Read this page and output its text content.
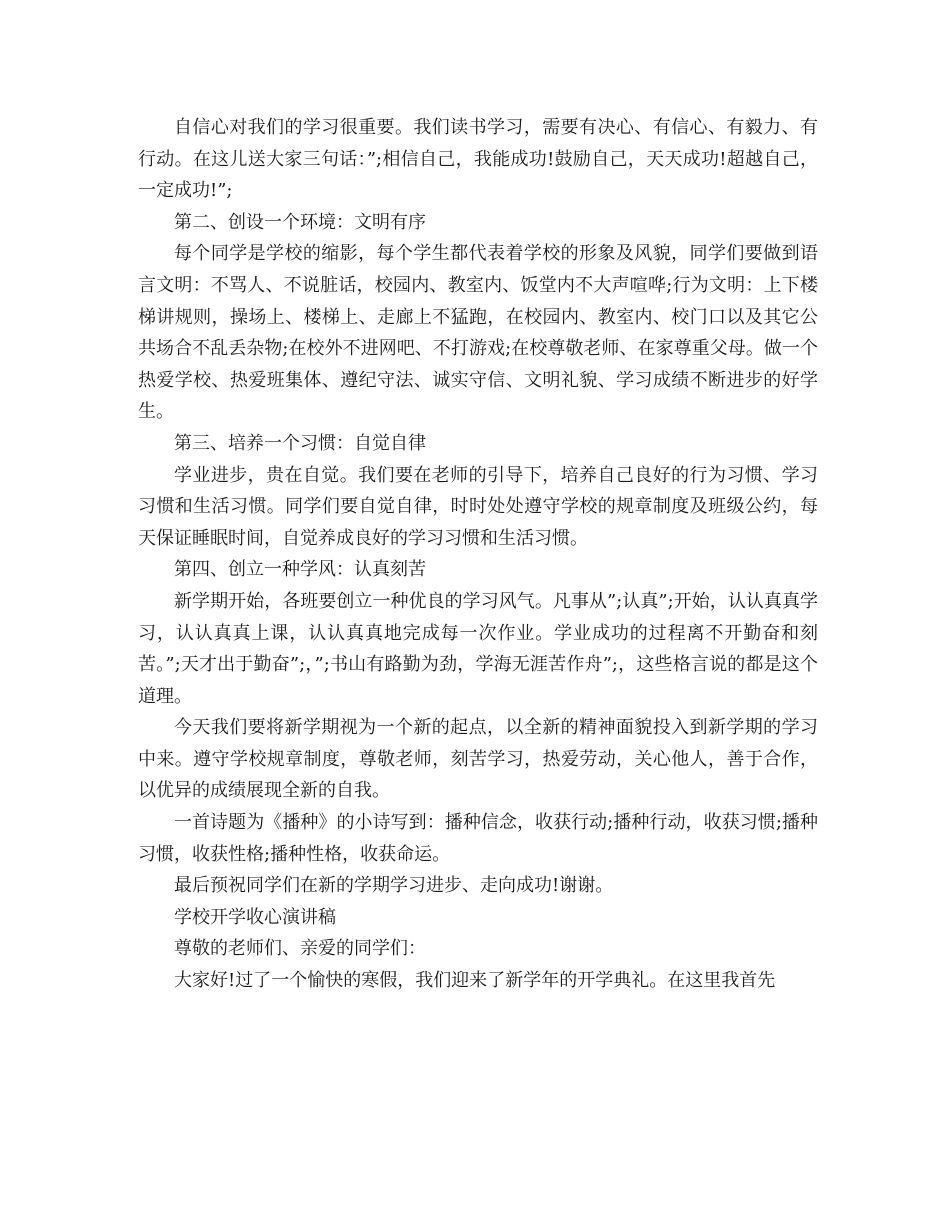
自信心对我们的学习很重要。我们读书学习，需要有决心、有信心、有毅力、有行动。在这儿送大家三句话：”;相信自己，我能成功!鼓励自己，天天成功!超越自己，一定成功!”;

第二、创设一个环境：文明有序

每个同学是学校的缩影，每个学生都代表着学校的形象及风貌，同学们要做到语言文明：不骂人、不说脏话，校园内、教室内、饭堂内不大声喧哗;行为文明：上下楼梯讲规则，操场上、楼梯上、走廊上不猛跑，在校园内、教室内、校门口以及其它公共场合不乱丢杂物;在校外不进网吧、不打游戏;在校尊敬老师、在家尊重父母。做一个热爱学校、热爱班集体、遵纪守法、诚实守信、文明礼貌、学习成绩不断进步的好学生。

第三、培养一个习惯：自觉自律

学业进步，贵在自觉。我们要在老师的引导下，培养自己良好的行为习惯、学习习惯和生活习惯。同学们要自觉自律，时时处处遵守学校的规章制度及班级公约，每天保证睡眠时间，自觉养成良好的学习习惯和生活习惯。

第四、创立一种学风：认真刻苦

新学期开始，各班要创立一种优良的学习风气。凡事从”;认真”;开始，认认真真学习，认认真真上课，认认真真地完成每一次作业。学业成功的过程离不开勤奋和刻苦。”;天才出于勤奋”;，”;书山有路勤为劲，学海无涯苦作舟”;，这些格言说的都是这个道理。

今天我们要将新学期视为一个新的起点，以全新的精神面貌投入到新学期的学习中来。遵守学校规章制度，尊敬老师，刻苦学习，热爱劳动，关心他人，善于合作，以优异的成绩展现全新的自我。

一首诗题为《播种》的小诗写到：播种信念，收获行动;播种行动，收获习惯;播种习惯，收获性格;播种性格，收获命运。

最后预祝同学们在新的学期学习进步、走向成功!谢谢。

学校开学收心演讲稿

尊敬的老师们、亲爱的同学们：

大家好!过了一个愉快的寒假，我们迎来了新学年的开学典礼。在这里我首先
